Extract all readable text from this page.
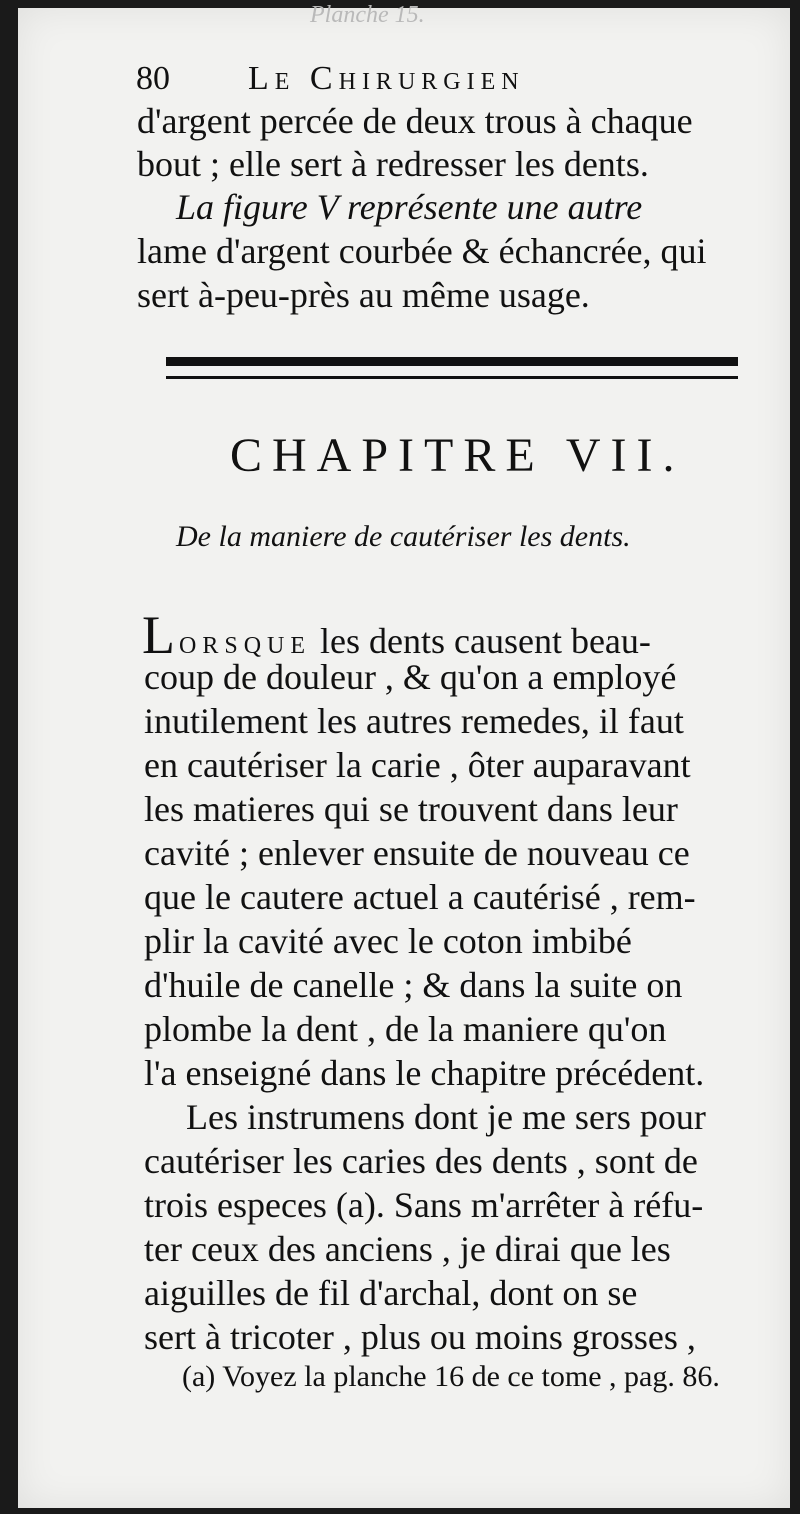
Planche 15.
80 Le Chirurgien
d'argent percée de deux trous à chaque
bout ; elle sert à redresser les dents.
La figure V représente une autre
lame d'argent courbée & échancrée, qui
sert à-peu-près au même usage.
CHAPITRE VII.
De la maniere de cautériser les dents.
LORSQUE les dents causent beau-
coup de douleur , & qu'on a employé
inutilement les autres remedes, il faut
en cautériser la carie , ôter auparavant
les matieres qui se trouvent dans leur
cavité ; enlever ensuite de nouveau ce
que le cautere actuel a cautérisé , rem-
plir la cavité avec le coton imbibé
d'huile de canelle ; & dans la suite on
plombe la dent , de la maniere qu'on
l'a enseigné dans le chapitre précédent.
Les instrumens dont je me sers pour
cautériser les caries des dents , sont de
trois especes (a). Sans m'arrêter à réfu-
ter ceux des anciens , je dirai que les
aiguilles de fil d'archal, dont on se
sert à tricoter , plus ou moins grosses ,
(a) Voyez la planche 16 de ce tome , pag. 86.
